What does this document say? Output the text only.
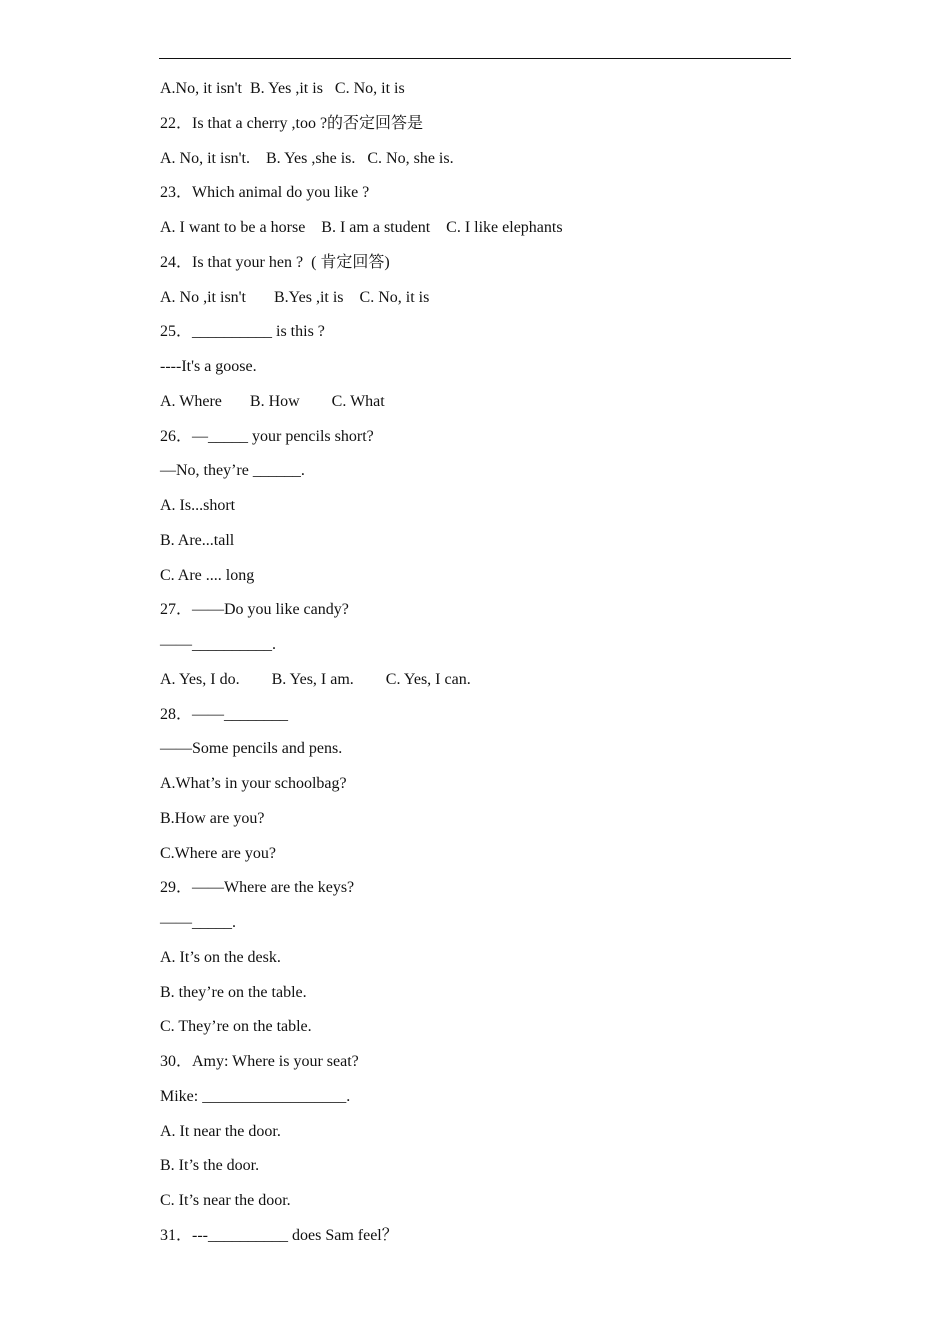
A.No, it isn't  B. Yes ,it is   C. No, it is

22．Is that a cherry ,too ?的否定回答是

A. No, it isn't.    B. Yes ,she is.   C. No, she is.

23．Which animal do you like ?

A. I want to be a horse    B. I am a student    C. I like elephants

24．Is that your hen ?  ( 肯定回答)

A. No ,it isn't       B.Yes ,it is    C. No, it is

25．__________ is this ?

----It's a goose.

A. Where       B. How        C. What

26．—_____ your pencils short?

—No, they’re ______.

A. Is...short

B. Are...tall

C. Are .... long

27．——Do you like candy?

——__________.

A. Yes, I do.        B. Yes, I am.        C. Yes, I can.

28．——________

——Some pencils and pens.

A.What’s in your schoolbag?

B.How are you?

C.Where are you?

29．——Where are the keys?

——_____.

A. It’s on the desk.

B. they’re on the table.

C. They’re on the table.

30．Amy: Where is your seat?

Mike: __________________.

A. It near the door.

B. It’s the door.

C. It’s near the door.

31．---__________ does Sam feel？
